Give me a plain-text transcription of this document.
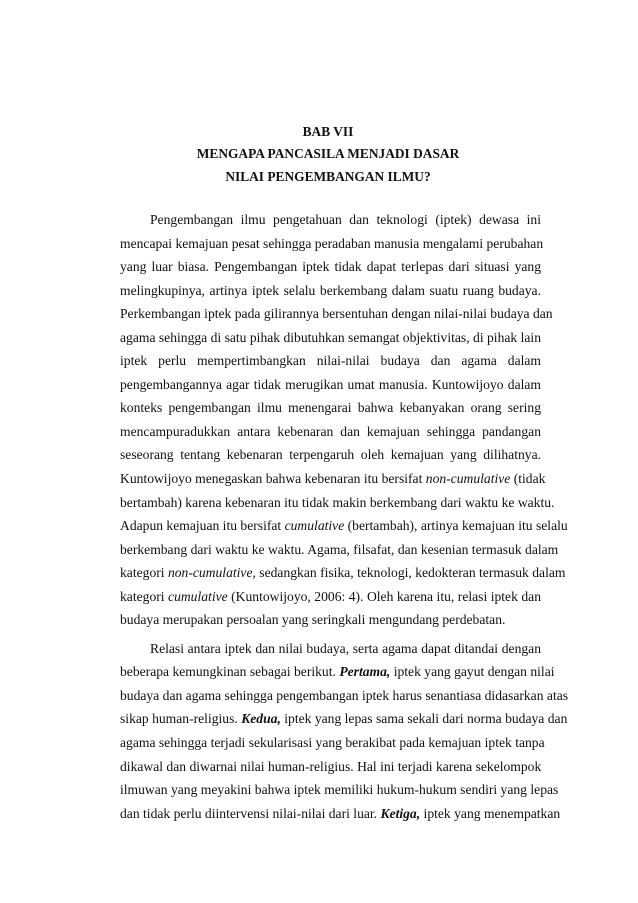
BAB VII
MENGAPA PANCASILA MENJADI DASAR
NILAI PENGEMBANGAN ILMU?

Pengembangan ilmu pengetahuan dan teknologi (iptek) dewasa ini
mencapai kemajuan pesat sehingga peradaban manusia mengalami perubahan
yang luar biasa. Pengembangan iptek tidak dapat terlepas dari situasi yang
melingkupinya, artinya iptek selalu berkembang dalam suatu ruang budaya.
Perkembangan iptek pada gilirannya bersentuhan dengan nilai-nilai budaya dan
agama sehingga di satu pihak dibutuhkan semangat objektivitas, di pihak lain
iptek perlu mempertimbangkan nilai-nilai budaya dan agama dalam
pengembangannya agar tidak merugikan umat manusia. Kuntowijoyo dalam
konteks pengembangan ilmu menengarai bahwa kebanyakan orang sering
mencampuradukkan antara kebenaran dan kemajuan sehingga pandangan
seseorang tentang kebenaran terpengaruh oleh kemajuan yang dilihatnya.
Kuntowijoyo menegaskan bahwa kebenaran itu bersifat non-cumulative (tidak
bertambah) karena kebenaran itu tidak makin berkembang dari waktu ke waktu.
Adapun kemajuan itu bersifat cumulative (bertambah), artinya kemajuan itu selalu
berkembang dari waktu ke waktu. Agama, filsafat, dan kesenian termasuk dalam
kategori non-cumulative, sedangkan fisika, teknologi, kedokteran termasuk dalam
kategori cumulative (Kuntowijoyo, 2006: 4). Oleh karena itu, relasi iptek dan
budaya merupakan persoalan yang seringkali mengundang perdebatan.

Relasi antara iptek dan nilai budaya, serta agama dapat ditandai dengan
beberapa kemungkinan sebagai berikut. Pertama, iptek yang gayut dengan nilai
budaya dan agama sehingga pengembangan iptek harus senantiasa didasarkan atas
sikap human-religius. Kedua, iptek yang lepas sama sekali dari norma budaya dan
agama sehingga terjadi sekularisasi yang berakibat pada kemajuan iptek tanpa
dikawal dan diwarnai nilai human-religius. Hal ini terjadi karena sekelompok
ilmuwan yang meyakini bahwa iptek memiliki hukum-hukum sendiri yang lepas
dan tidak perlu diintervensi nilai-nilai dari luar. Ketiga, iptek yang menempatkan
